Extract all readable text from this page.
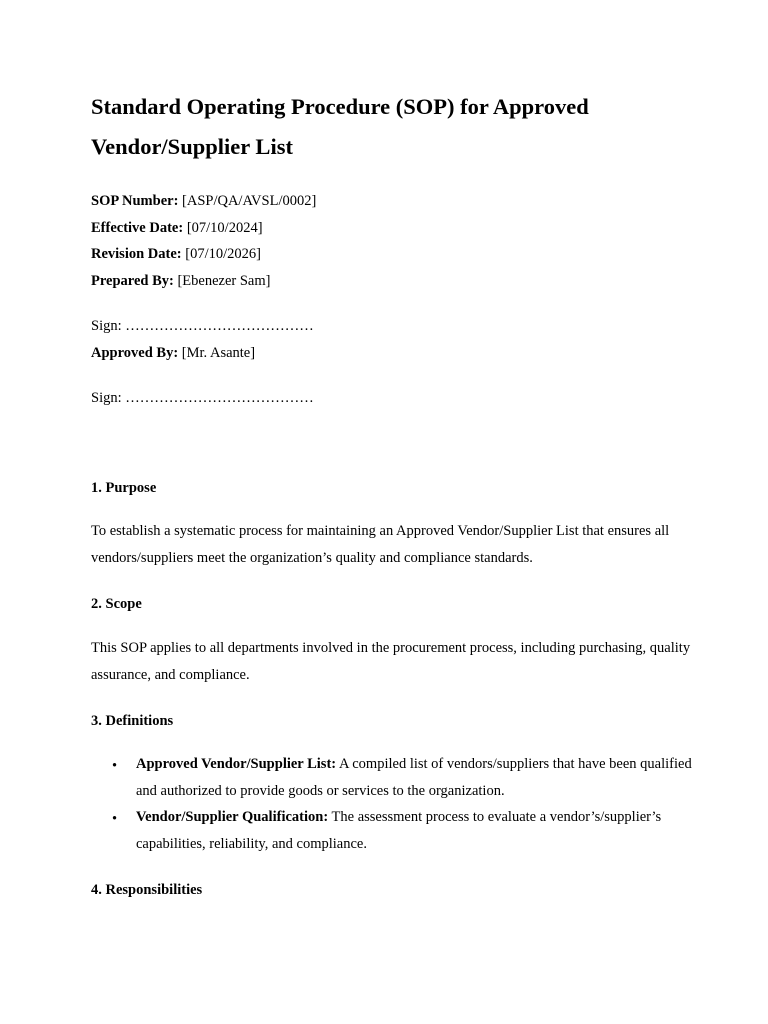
Standard Operating Procedure (SOP) for Approved Vendor/Supplier List

SOP Number: [ASP/QA/AVSL/0002]

Effective Date: [07/10/2024]

Revision Date: [07/10/2026]

Prepared By: [Ebenezer Sam]

Sign: …………………………………

Approved By: [Mr. Asante]

Sign: …………………………………

1. Purpose

To establish a systematic process for maintaining an Approved Vendor/Supplier List that ensures all vendors/suppliers meet the organization’s quality and compliance standards.

2. Scope

This SOP applies to all departments involved in the procurement process, including purchasing, quality assurance, and compliance.

3. Definitions
• Approved Vendor/Supplier List: A compiled list of vendors/suppliers that have been qualified and authorized to provide goods or services to the organization.

• Vendor/Supplier Qualification: The assessment process to evaluate a vendor’s/supplier’s capabilities, reliability, and compliance.

4. Responsibilities
